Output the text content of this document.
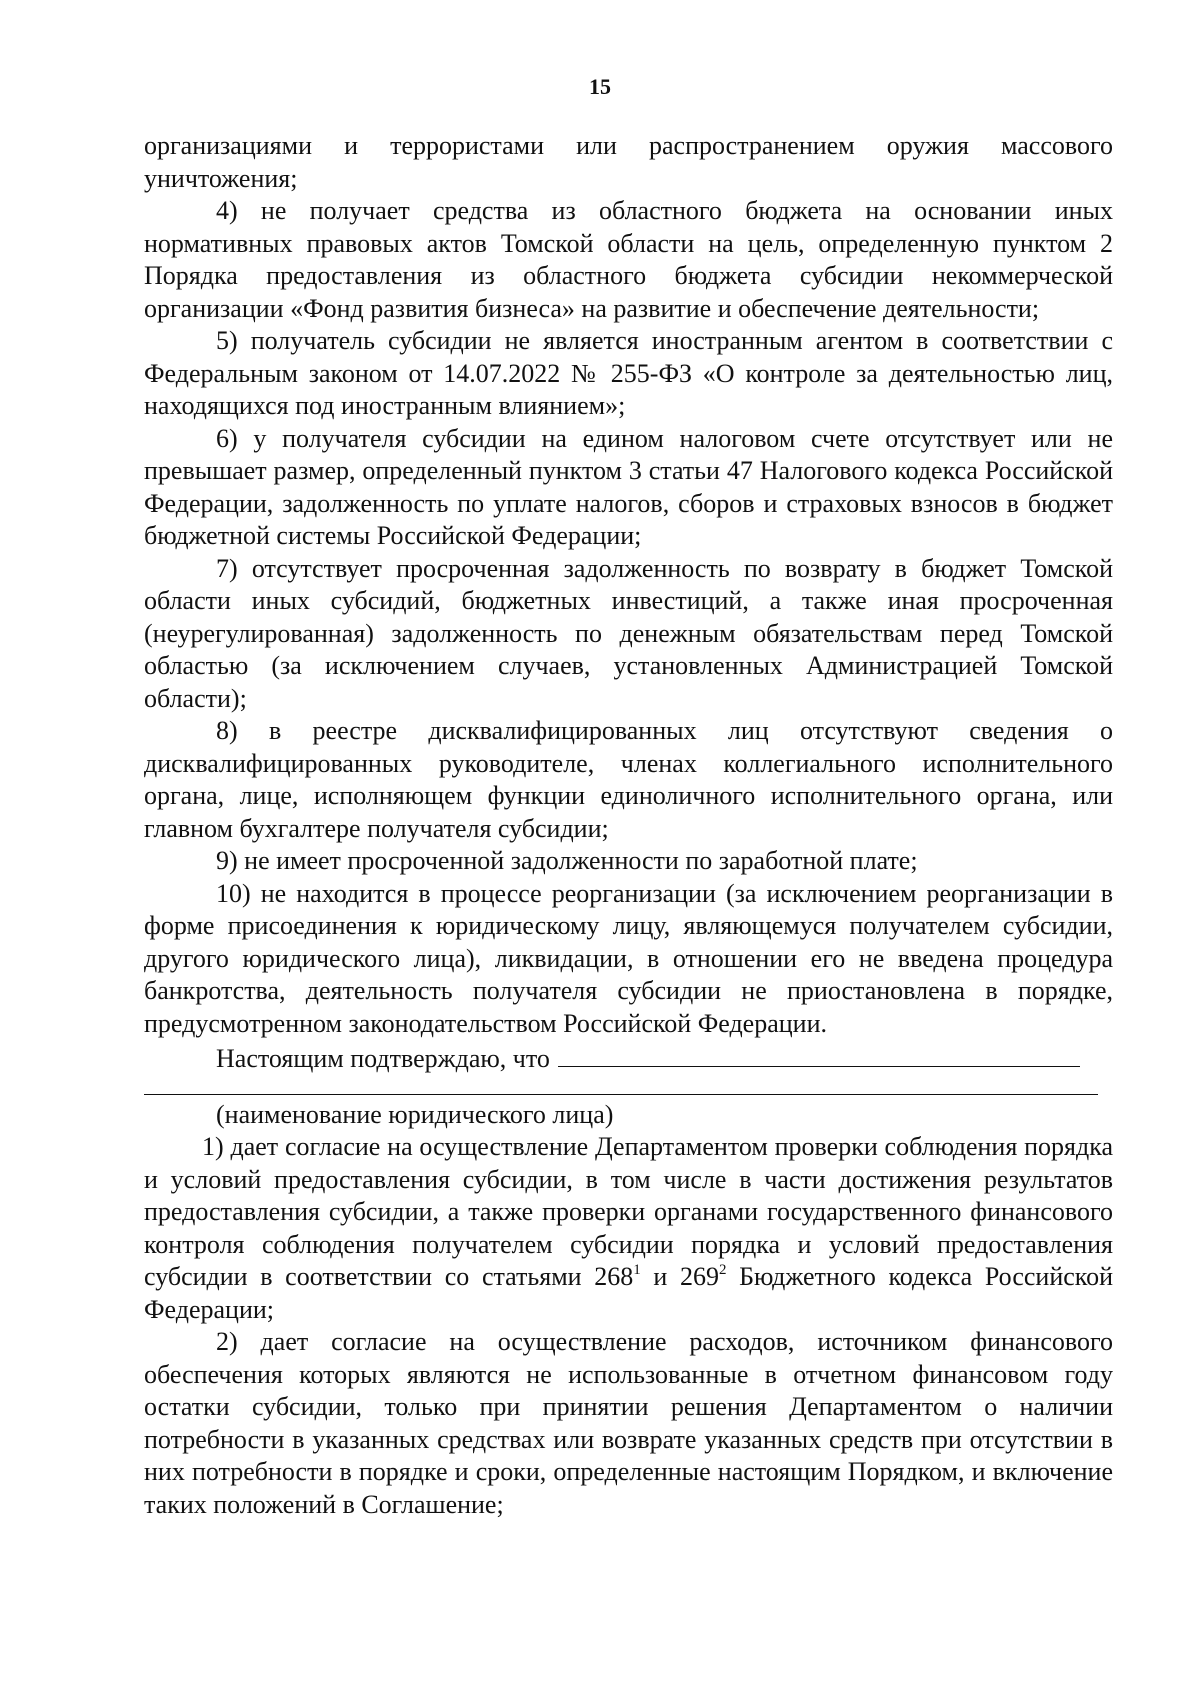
15

организациями и террористами или распространением оружия массового уничтожения;

4) не получает средства из областного бюджета на основании иных нормативных правовых актов Томской области на цель, определенную пунктом 2 Порядка предоставления из областного бюджета субсидии некоммерческой организации «Фонд развития бизнеса» на развитие и обеспечение деятельности;

5) получатель субсидии не является иностранным агентом в соответствии с Федеральным законом от 14.07.2022 № 255-ФЗ «О контроле за деятельностью лиц, находящихся под иностранным влиянием»;

6) у получателя субсидии на едином налоговом счете отсутствует или не превышает размер, определенный пунктом 3 статьи 47 Налогового кодекса Российской Федерации, задолженность по уплате налогов, сборов и страховых взносов в бюджет бюджетной системы Российской Федерации;

7) отсутствует просроченная задолженность по возврату в бюджет Томской области иных субсидий, бюджетных инвестиций, а также иная просроченная (неурегулированная) задолженность по денежным обязательствам перед Томской областью (за исключением случаев, установленных Администрацией Томской области);

8) в реестре дисквалифицированных лиц отсутствуют сведения о дисквалифицированных руководителе, членах коллегиального исполнительного органа, лице, исполняющем функции единоличного исполнительного органа, или главном бухгалтере получателя субсидии;

9) не имеет просроченной задолженности по заработной плате;

10) не находится в процессе реорганизации (за исключением реорганизации в форме присоединения к юридическому лицу, являющемуся получателем субсидии, другого юридического лица), ликвидации, в отношении его не введена процедура банкротства, деятельность получателя субсидии не приостановлена в порядке, предусмотренном законодательством Российской Федерации.

Настоящим подтверждаю, что

(наименование юридического лица)

1) дает согласие на осуществление Департаментом проверки соблюдения порядка и условий предоставления субсидии, в том числе в части достижения результатов предоставления субсидии, а также проверки органами государственного финансового контроля соблюдения получателем субсидии порядка и условий предоставления субсидии в соответствии со статьями $268^1$ и $269^2$ Бюджетного кодекса Российской Федерации;

2) дает согласие на осуществление расходов, источником финансового обеспечения которых являются не использованные в отчетном финансовом году остатки субсидии, только при принятии решения Департаментом о наличии потребности в указанных средствах или возврате указанных средств при отсутствии в них потребности в порядке и сроки, определенные настоящим Порядком, и включение таких положений в Соглашение;
